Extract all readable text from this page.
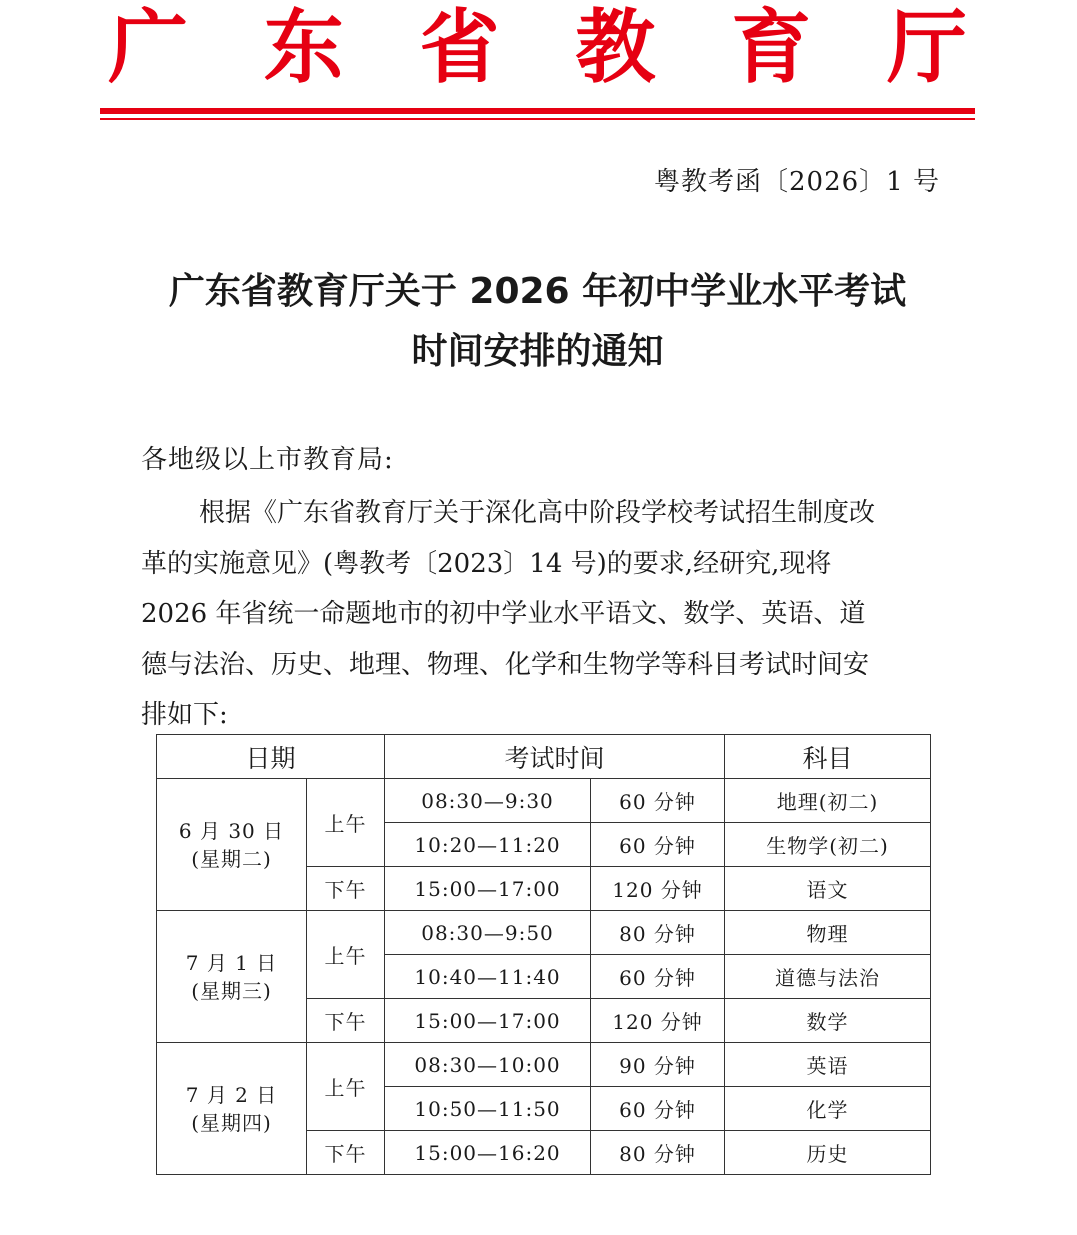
广 东 省 教 育 厅
粤教考函〔2026〕1 号
广东省教育厅关于 2026 年初中学业水平考试
时间安排的通知
各地级以上市教育局:
根据《广东省教育厅关于深化高中阶段学校考试招生制度改
革的实施意见》(粤教考〔2023〕14 号)的要求,经研究,现将
2026 年省统一命题地市的初中学业水平语文、数学、英语、道
德与法治、历史、地理、物理、化学和生物学等科目考试时间安
排如下:
日期		考试时间		科目

6 月 30 日
(星期二)	上午	08:30—9:30	60 分钟	地理(初二)
		10:20—11:20	60 分钟	生物学(初二)
	下午	15:00—17:00	120 分钟	语文

7 月 1 日
(星期三)	上午	08:30—9:50	80 分钟	物理
		10:40—11:40	60 分钟	道德与法治
	下午	15:00—17:00	120 分钟	数学

7 月 2 日
(星期四)	上午	08:30—10:00	90 分钟	英语
		10:50—11:50	60 分钟	化学
	下午	15:00—16:20	80 分钟	历史
